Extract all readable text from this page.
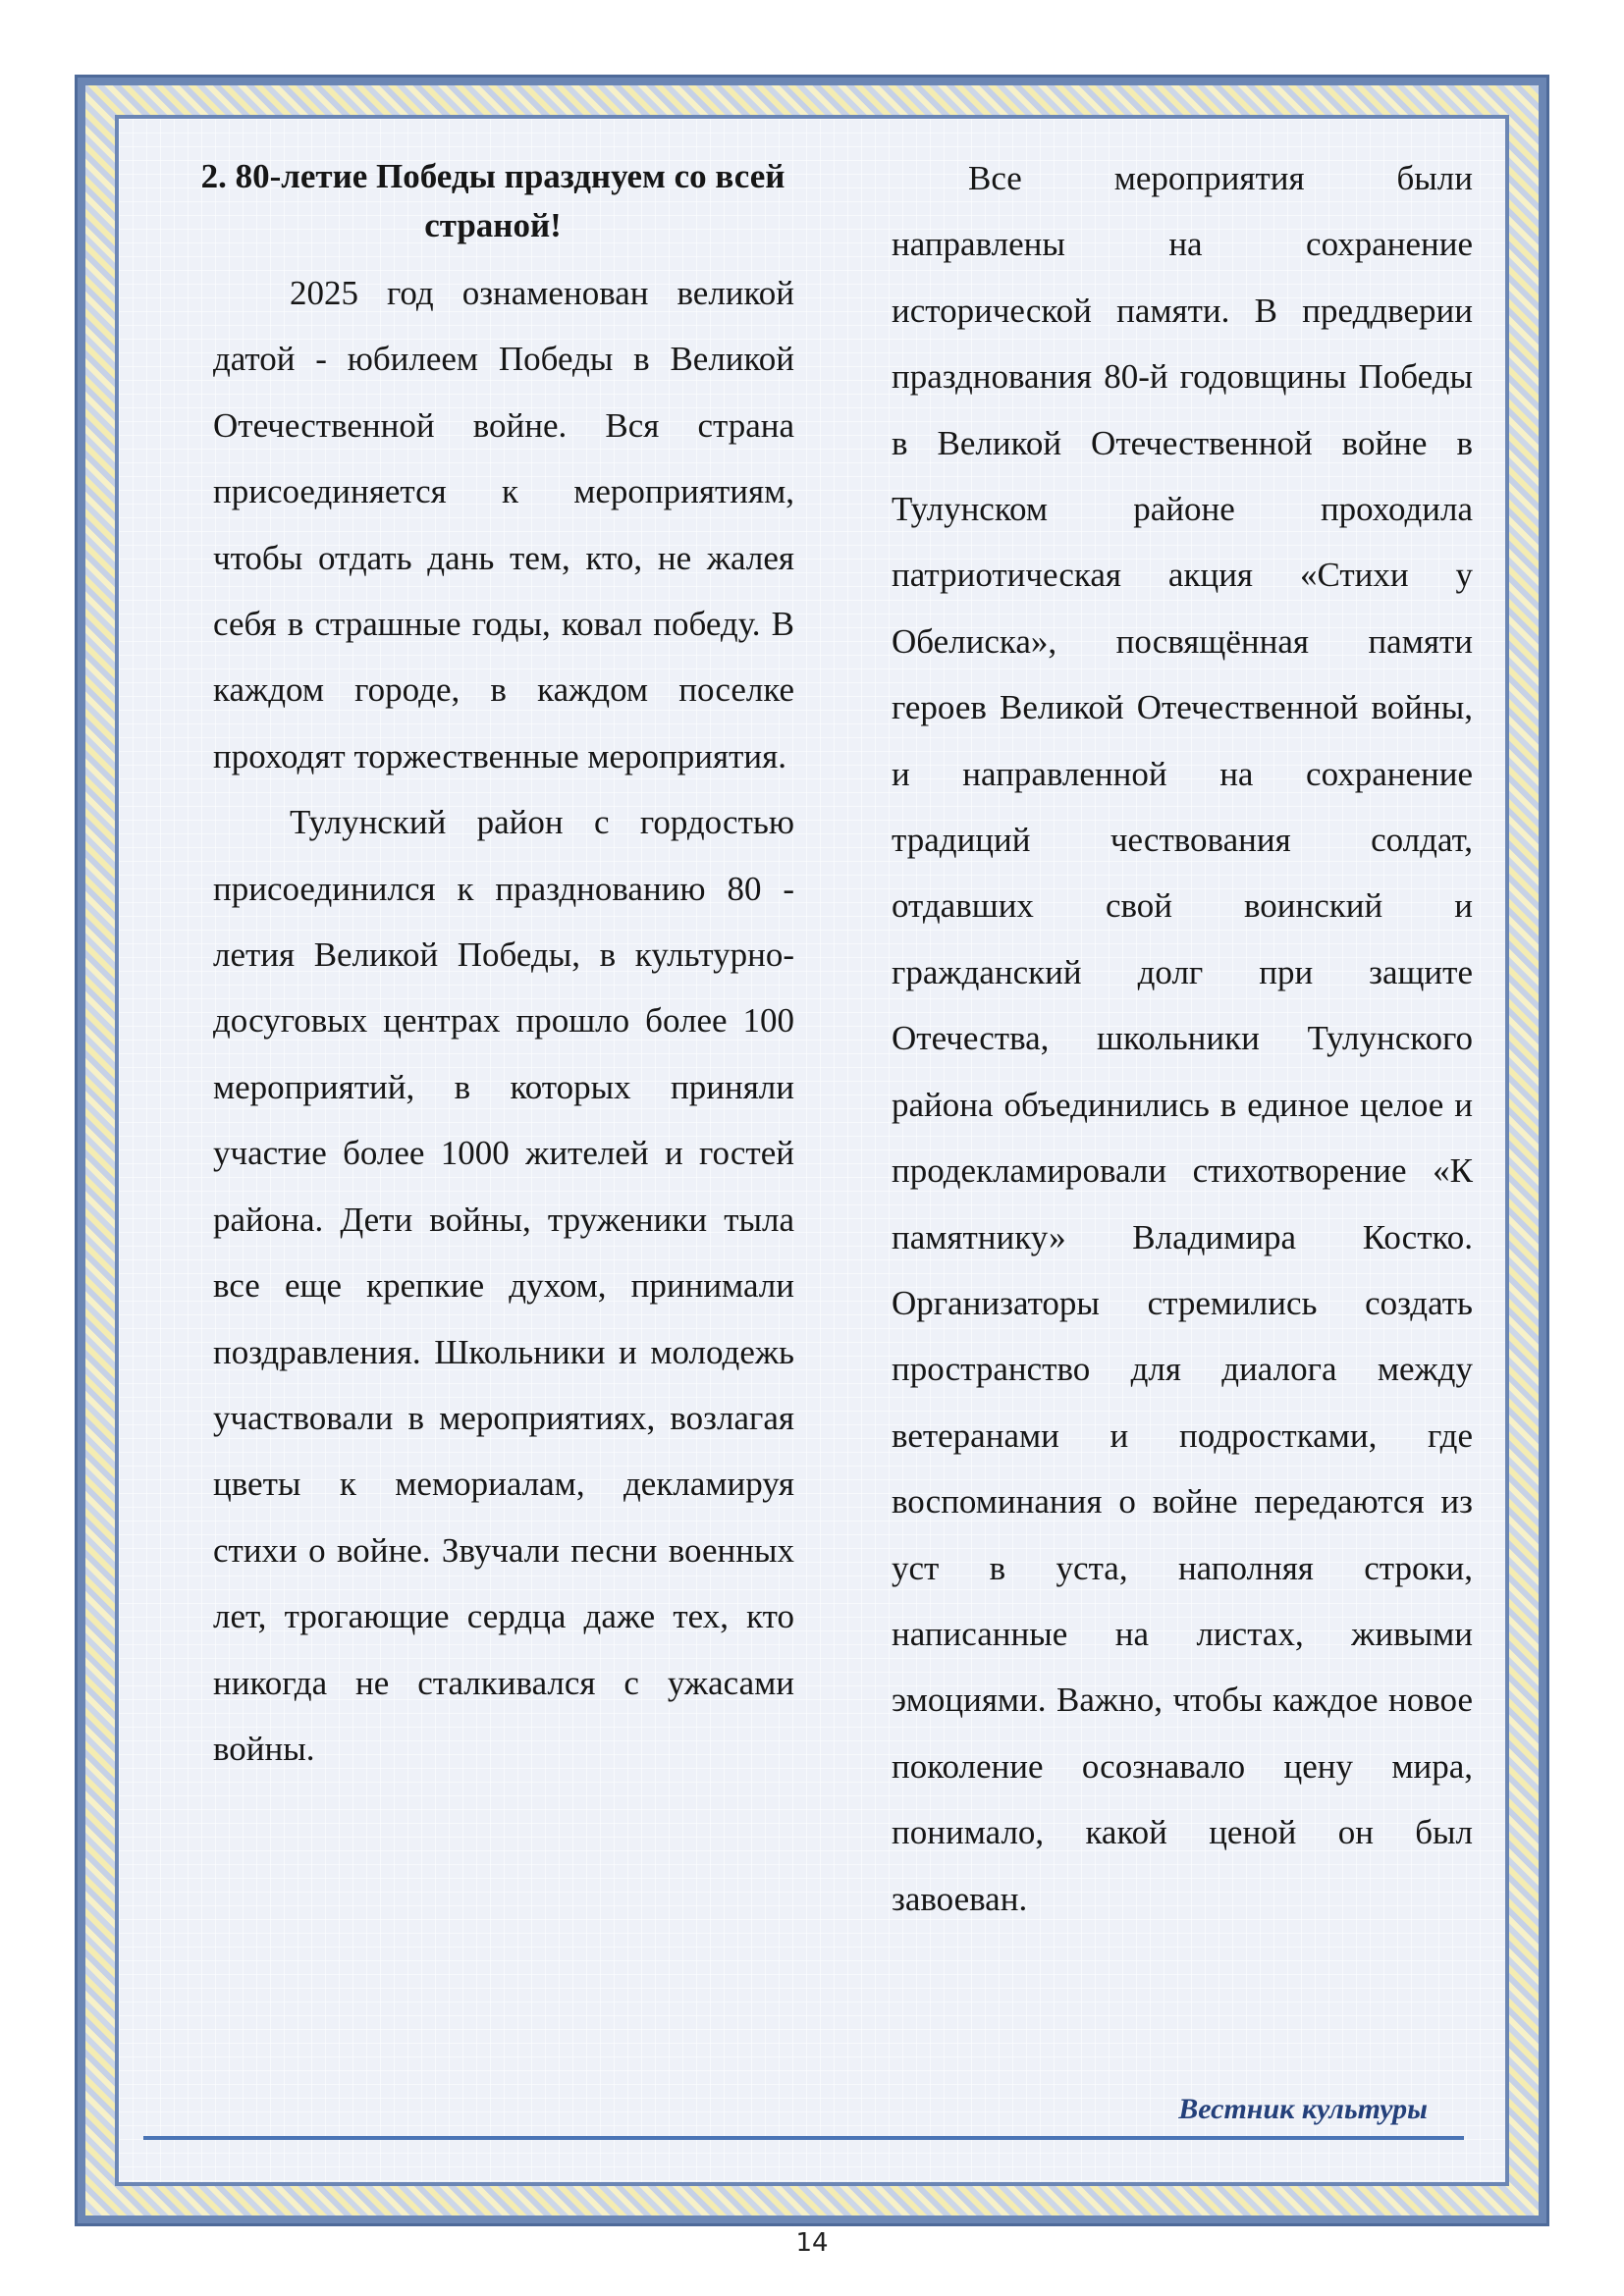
2. 80-летие Победы празднуем со всей страной!

2025 год ознаменован великой датой - юбилеем Победы в Великой Отечественной войне. Вся страна присоединяется к мероприятиям, чтобы отдать дань тем, кто, не жалея себя в страшные годы, ковал победу. В каждом городе, в каждом поселке проходят торжественные мероприятия.

Тулунский район с гордостью присоединился к празднованию 80 - летия Великой Победы, в культурно-досуговых центрах прошло более 100 мероприятий, в которых приняли участие более 1000 жителей и гостей района. Дети войны, труженики тыла все еще крепкие духом, принимали поздравления. Школьники и молодежь участвовали в мероприятиях, возлагая цветы к мемориалам, декламируя стихи о войне. Звучали песни военных лет, трогающие сердца даже тех, кто никогда не сталкивался с ужасами войны.

Все мероприятия были направлены на сохранение исторической памяти. В преддверии празднования 80-й годовщины Победы в Великой Отечественной войне в Тулунском районе проходила патриотическая акция «Стихи у Обелиска», посвящённая памяти героев Великой Отечественной войны, и направленной на сохранение традиций чествования солдат, отдавших свой воинский и гражданский долг при защите Отечества, школьники Тулунского района объединились в единое целое и продекламировали стихотворение «К памятнику» Владимира Костко. Организаторы стремились создать пространство для диалога между ветеранами и подростками, где воспоминания о войне передаются из уст в уста, наполняя строки, написанные на листах, живыми эмоциями. Важно, чтобы каждое новое поколение осознавало цену мира, понимало, какой ценой он был завоеван.

Вестник культуры
14
